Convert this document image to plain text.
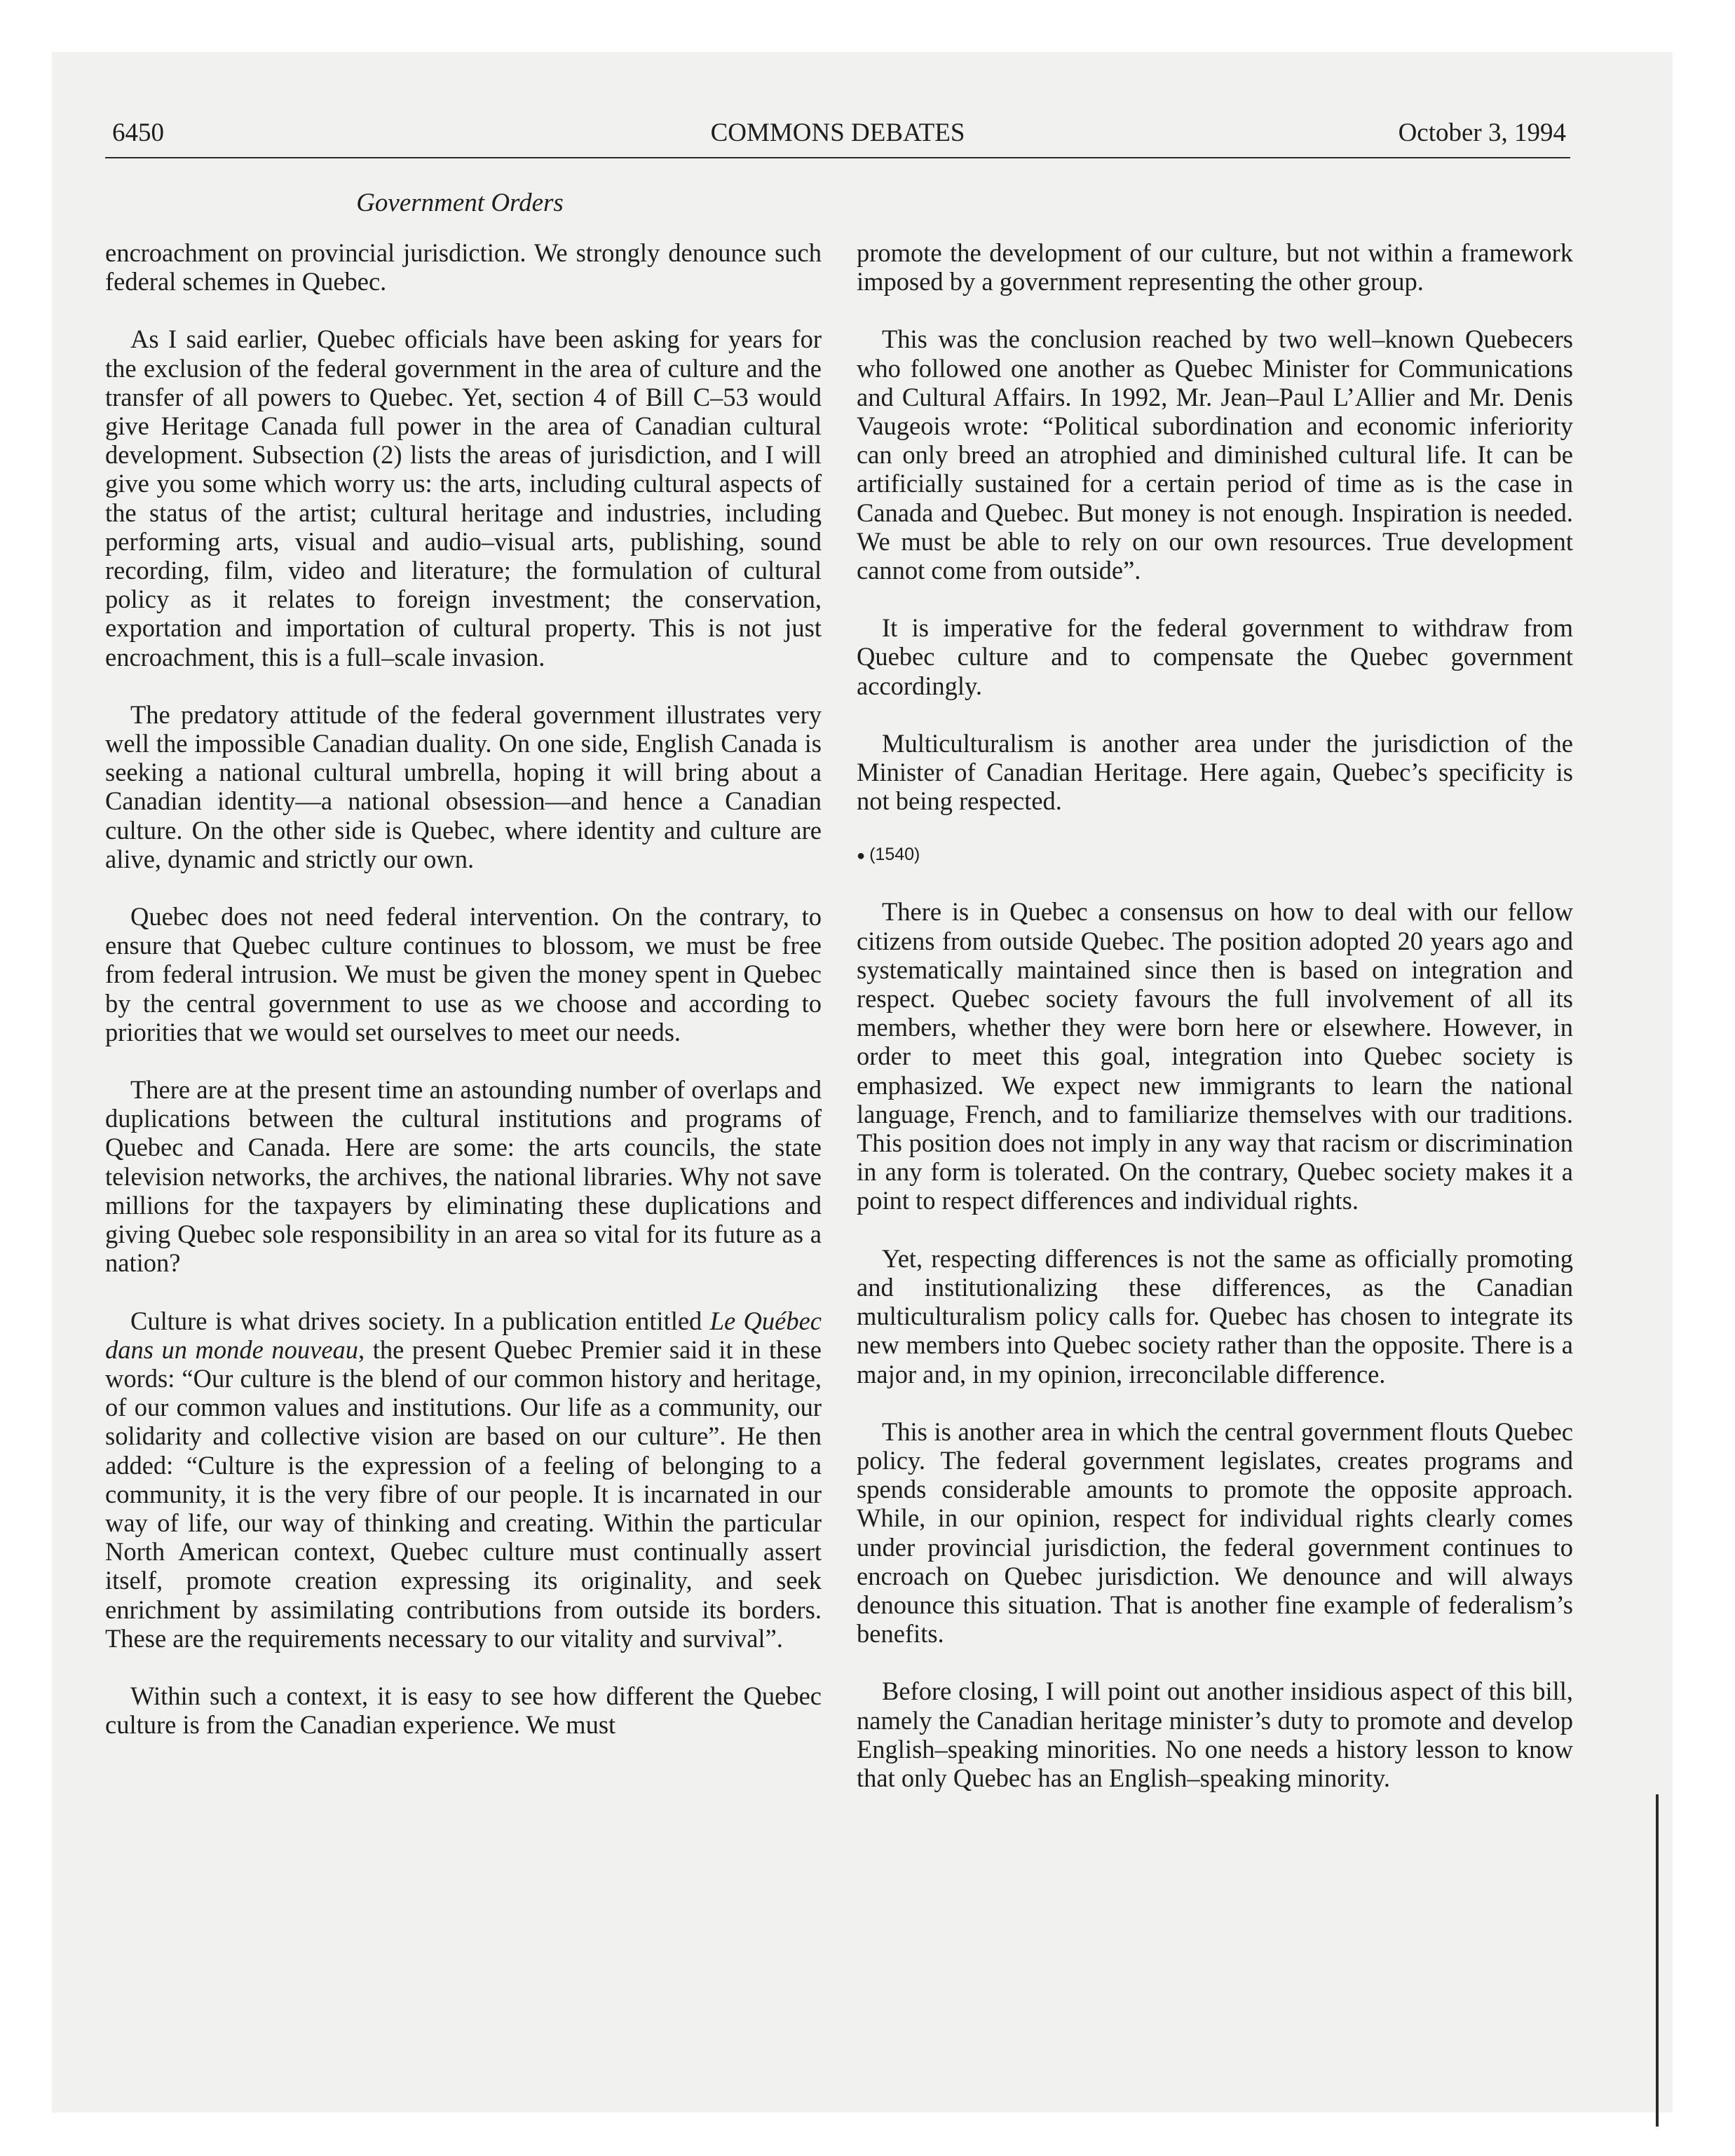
6450	COMMONS DEBATES	October 3, 1994
Government Orders

encroachment on provincial jurisdiction. We strongly denounce such federal schemes in Quebec.

As I said earlier, Quebec officials have been asking for years for the exclusion of the federal government in the area of culture and the transfer of all powers to Quebec. Yet, section 4 of Bill C–53 would give Heritage Canada full power in the area of Canadian cultural development. Subsection (2) lists the areas of jurisdiction, and I will give you some which worry us: the arts, including cultural aspects of the status of the artist; cultural heritage and industries, including performing arts, visual and audio–visual arts, publishing, sound recording, film, video and literature; the formulation of cultural policy as it relates to foreign investment; the conservation, exportation and importation of cultural property. This is not just encroachment, this is a full–scale invasion.

The predatory attitude of the federal government illustrates very well the impossible Canadian duality. On one side, English Canada is seeking a national cultural umbrella, hoping it will bring about a Canadian identity—a national obsession—and hence a Canadian culture. On the other side is Quebec, where identity and culture are alive, dynamic and strictly our own.

Quebec does not need federal intervention. On the contrary, to ensure that Quebec culture continues to blossom, we must be free from federal intrusion. We must be given the money spent in Quebec by the central government to use as we choose and according to priorities that we would set ourselves to meet our needs.

There are at the present time an astounding number of overlaps and duplications between the cultural institutions and programs of Quebec and Canada. Here are some: the arts councils, the state television networks, the archives, the national libraries. Why not save millions for the taxpayers by eliminating these duplications and giving Quebec sole responsibility in an area so vital for its future as a nation?

Culture is what drives society. In a publication entitled Le Québec dans un monde nouveau, the present Quebec Premier said it in these words: “Our culture is the blend of our common history and heritage, of our common values and institutions. Our life as a community, our solidarity and collective vision are based on our culture”. He then added: “Culture is the expression of a feeling of belonging to a community, it is the very fibre of our people. It is incarnated in our way of life, our way of thinking and creating. Within the particular North American context, Quebec culture must continually assert itself, promote creation expressing its originality, and seek enrichment by assimilating contributions from outside its borders. These are the requirements necessary to our vitality and survival”.

Within such a context, it is easy to see how different the Quebec culture is from the Canadian experience. We must

promote the development of our culture, but not within a framework imposed by a government representing the other group.

This was the conclusion reached by two well–known Quebecers who followed one another as Quebec Minister for Communications and Cultural Affairs. In 1992, Mr. Jean–Paul L’Allier and Mr. Denis Vaugeois wrote: “Political subordination and economic inferiority can only breed an atrophied and diminished cultural life. It can be artificially sustained for a certain period of time as is the case in Canada and Quebec. But money is not enough. Inspiration is needed. We must be able to rely on our own resources. True development cannot come from outside”.

It is imperative for the federal government to withdraw from Quebec culture and to compensate the Quebec government accordingly.

Multiculturalism is another area under the jurisdiction of the Minister of Canadian Heritage. Here again, Quebec’s specificity is not being respected.

● (1540)

There is in Quebec a consensus on how to deal with our fellow citizens from outside Quebec. The position adopted 20 years ago and systematically maintained since then is based on integration and respect. Quebec society favours the full involvement of all its members, whether they were born here or elsewhere. However, in order to meet this goal, integration into Quebec society is emphasized. We expect new immigrants to learn the national language, French, and to familiarize themselves with our traditions. This position does not imply in any way that racism or discrimination in any form is tolerated. On the contrary, Quebec society makes it a point to respect differences and individual rights.

Yet, respecting differences is not the same as officially promoting and institutionalizing these differences, as the Canadian multiculturalism policy calls for. Quebec has chosen to integrate its new members into Quebec society rather than the opposite. There is a major and, in my opinion, irreconcilable difference.

This is another area in which the central government flouts Quebec policy. The federal government legislates, creates programs and spends considerable amounts to promote the opposite approach. While, in our opinion, respect for individual rights clearly comes under provincial jurisdiction, the federal government continues to encroach on Quebec jurisdiction. We denounce and will always denounce this situation. That is another fine example of federalism’s benefits.

Before closing, I will point out another insidious aspect of this bill, namely the Canadian heritage minister’s duty to promote and develop English–speaking minorities. No one needs a history lesson to know that only Quebec has an English–speaking minority.
